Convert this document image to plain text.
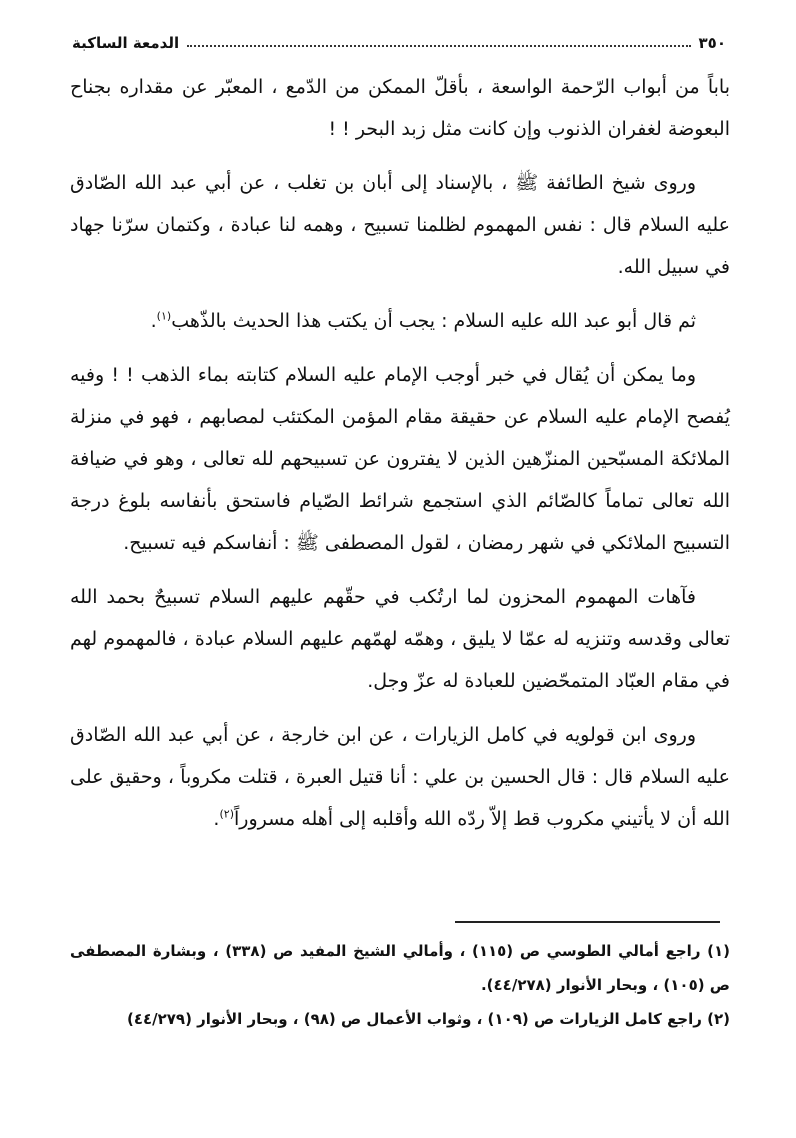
٣٥٠
الدمعة الساكبة

باباً من أبواب الرّحمة الواسعة ، بأقلّ الممكن من الدّمع ، المعبّر عن مقداره بجناح البعوضة لغفران الذنوب وإن كانت مثل زبد البحر ! !

وروى شيخ الطائفة ﷺ ، بالإسناد إلى أبان بن تغلب ، عن أبي عبد الله الصّادق عليه السلام قال : نفس المهموم لظلمنا تسبيح ، وهمه لنا عبادة ، وكتمان سرّنا جهاد في سبيل الله.

ثم قال أبو عبد الله عليه السلام : يجب أن يكتب هذا الحديث بالذّهب$^{(١)}$.

وما يمكن أن يُقال في خبر أوجب الإمام عليه السلام كتابته بماء الذهب ! ! وفيه يُفصح الإمام عليه السلام عن حقيقة مقام المؤمن المكتئب لمصابهم ، فهو في منزلة الملائكة المسبّحين المنزّهين الذين لا يفترون عن تسبيحهم لله تعالى ، وهو في ضيافة الله تعالى تماماً كالصّائم الذي استجمع شرائط الصّيام فاستحق بأنفاسه بلوغ درجة التسبيح الملائكي في شهر رمضان ، لقول المصطفى ﷺ : أنفاسكم فيه تسبيح.

فآهات المهموم المحزون لما ارتُكب في حقّهم عليهم السلام تسبيحٌ بحمد الله تعالى وقدسه وتنزيه له عمّا لا يليق ، وهمّه لهمّهم عليهم السلام عبادة ، فالمهموم لهم في مقام العبّاد المتمحّضين للعبادة له عزّ وجل.

وروى ابن قولويه في كامل الزيارات ، عن ابن خارجة ، عن أبي عبد الله الصّادق عليه السلام قال : قال الحسين بن علي : أنا قتيل العبرة ، قتلت مكروباً ، وحقيق على الله أن لا يأتيني مكروب قط إلاّ ردّه الله وأقلبه إلى أهله مسروراً$^{(٢)}$.

(١) راجع أمالي الطوسي ص (١١٥) ، وأمالي الشيخ المفيد ص (٣٣٨) ، وبشارة المصطفى ص (١٠٥) ، وبحار الأنوار (٤٤/٢٧٨).

(٢) راجع كامل الزيارات ص (١٠٩) ، وثواب الأعمال ص (٩٨) ، وبحار الأنوار (٤٤/٢٧٩)
